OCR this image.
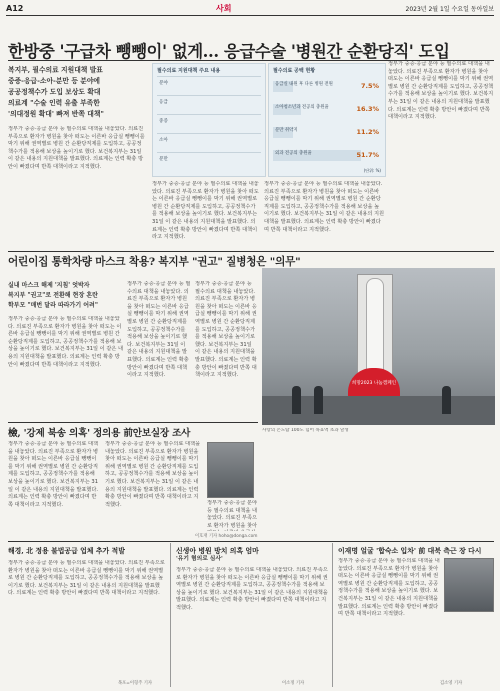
A12	사회	2023년 2월 1일 수요일 동아일보
한방중 '구급차 뺑뺑이' 없게… 응급수술 '병원간 순환당직' 도입
복지부, 필수의료 지원대책 발표
중증-응급-소아-분만 등 분야에
공공정책수가 도입 보상도 확대
의료계 "수술 인력 유출 부족한
'의대정원 확대' 빠져 반쪽 대책"
정부가 중증·응급 분야 등 필수의료 대책을 내놓았다. 의료진 부족으로 환자가 병원을 찾아 떠도는 이른바 응급실 뺑뺑이를 막기 위해 권역별로 병원 간 순환당직제를 도입하고, 공공정책수가를 적용해 보상을 높이기로 했다. 보건복지부는 31일 이 같은 내용의 지원대책을 발표했다. 의료계는 인력 확충 방안이 빠졌다며 반쪽 대책이라고 지적했다.
정부가 중증·응급 분야 등 필수의료 대책을 내놓았다. 의료진 부족으로 환자가 병원을 찾아 떠도는 이른바 응급실 뺑뺑이를 막기 위해 권역별로 병원 간 순환당직제를 도입하고, 공공정책수가를 적용해 보상을 높이기로 했다. 보건복지부는 31일 이 같은 내용의 지원대책을 발표했다. 의료계는 인력 확충 방안이 빠졌다며 반쪽 대책이라고 지적했다.
정부가 중증·응급 분야 등 필수의료 대책을 내놓았다. 의료진 부족으로 환자가 병원을 찾아 떠도는 이른바 응급실 뺑뺑이를 막기 위해 권역별로 병원 간 순환당직제를 도입하고, 공공정책수가를 적용해 보상을 높이기로 했다. 보건복지부는 31일 이 같은 내용의 지원대책을 발표했다. 의료계는 인력 확충 방안이 빠졌다며 반쪽 대책이라고 지적했다.
정부가 중증·응급 분야 등 필수의료 대책을 내놓았다. 의료진 부족으로 환자가 병원을 찾아 떠도는 이른바 응급실 뺑뺑이를 막기 위해 권역별로 병원 간 순환당직제를 도입하고, 공공정책수가를 적용해 보상을 높이기로 했다. 보건복지부는 31일 이 같은 내용의 지원대책을 발표했다. 의료계는 인력 확충 방안이 빠졌다며 반쪽 대책이라고 지적했다.
필수의료 지원대책 주요 내용
분야
응급
중증
소아
분만
필수의료 공백 현황
응급실 내원 후 다른 병원 전원	7.5%
소아청소년과 전공의 충원율	16.3%
분만 취약지	11.2%
외과 전공의 충원율	51.7%
(단위: %)
어린이집 통학차량 마스크 착용? 복지부 "권고" 질병청은 "의무"
실내 마스크 해제 '지침' 엇박자
복지부 "권고"로 전환해 현장 혼란
학부모 "매번 달라 따라가기 어려"
정부가 중증·응급 분야 등 필수의료 대책을 내놓았다. 의료진 부족으로 환자가 병원을 찾아 떠도는 이른바 응급실 뺑뺑이를 막기 위해 권역별로 병원 간 순환당직제를 도입하고, 공공정책수가를 적용해 보상을 높이기로 했다. 보건복지부는 31일 이 같은 내용의 지원대책을 발표했다. 의료계는 인력 확충 방안이 빠졌다며 반쪽 대책이라고 지적했다.
정부가 중증·응급 분야 등 필수의료 대책을 내놓았다. 의료진 부족으로 환자가 병원을 찾아 떠도는 이른바 응급실 뺑뺑이를 막기 위해 권역별로 병원 간 순환당직제를 도입하고, 공공정책수가를 적용해 보상을 높이기로 했다. 보건복지부는 31일 이 같은 내용의 지원대책을 발표했다. 의료계는 인력 확충 방안이 빠졌다며 반쪽 대책이라고 지적했다.
정부가 중증·응급 분야 등 필수의료 대책을 내놓았다. 의료진 부족으로 환자가 병원을 찾아 떠도는 이른바 응급실 뺑뺑이를 막기 위해 권역별로 병원 간 순환당직제를 도입하고, 공공정책수가를 적용해 보상을 높이기로 했다. 보건복지부는 31일 이 같은 내용의 지원대책을 발표했다. 의료계는 인력 확충 방안이 빠졌다며 반쪽 대책이라고 지적했다.
희망2023 나눔캠페인
사랑의 온도탑 100도 넘어 목표액 초과 달성
檢, '강제 북송 의혹' 정의용 前안보실장 조사
정부가 중증·응급 분야 등 필수의료 대책을 내놓았다. 의료진 부족으로 환자가 병원을 찾아 떠도는 이른바 응급실 뺑뺑이를 막기 위해 권역별로 병원 간 순환당직제를 도입하고, 공공정책수가를 적용해 보상을 높이기로 했다. 보건복지부는 31일 이 같은 내용의 지원대책을 발표했다. 의료계는 인력 확충 방안이 빠졌다며 반쪽 대책이라고 지적했다.
정부가 중증·응급 분야 등 필수의료 대책을 내놓았다. 의료진 부족으로 환자가 병원을 찾아 떠도는 이른바 응급실 뺑뺑이를 막기 위해 권역별로 병원 간 순환당직제를 도입하고, 공공정책수가를 적용해 보상을 높이기로 했다. 보건복지부는 31일 이 같은 내용의 지원대책을 발표했다. 의료계는 인력 확충 방안이 빠졌다며 반쪽 대책이라고 지적했다.	정부가 중증·응급 분야 등 필수의료 대책을 내놓았다. 의료진 부족으로 환자가 병원을 찾아
이호재 기자 hoho@donga.com
해경, 北 정용 불법공급 업체 추가 적발
정부가 중증·응급 분야 등 필수의료 대책을 내놓았다. 의료진 부족으로 환자가 병원을 찾아 떠도는 이른바 응급실 뺑뺑이를 막기 위해 권역별로 병원 간 순환당직제를 도입하고, 공공정책수가를 적용해 보상을 높이기로 했다. 보건복지부는 31일 이 같은 내용의 지원대책을 발표했다. 의료계는 인력 확충 방안이 빠졌다며 반쪽 대책이라고 지적했다.
목포=이형주 기자
신생아 병원 방치 의혹 엄마
'유기 혐의로 심사'
정부가 중증·응급 분야 등 필수의료 대책을 내놓았다. 의료진 부족으로 환자가 병원을 찾아 떠도는 이른바 응급실 뺑뺑이를 막기 위해 권역별로 병원 간 순환당직제를 도입하고, 공공정책수가를 적용해 보상을 높이기로 했다. 보건복지부는 31일 이 같은 내용의 지원대책을 발표했다. 의료계는 인력 확충 방안이 빠졌다며 반쪽 대책이라고 지적했다.
이소정 기자
이재명 얼굴 '합숙소 입차' 前 대북 측근 장 다시
정부가 중증·응급 분야 등 필수의료 대책을 내놓았다. 의료진 부족으로 환자가 병원을 찾아 떠도는 이른바 응급실 뺑뺑이를 막기 위해 권역별로 병원 간 순환당직제를 도입하고, 공공정책수가를 적용해 보상을 높이기로 했다. 보건복지부는 31일 이 같은 내용의 지원대책을 발표했다. 의료계는 인력 확충 방안이 빠졌다며 반쪽 대책이라고 지적했다.
김소영 기자
